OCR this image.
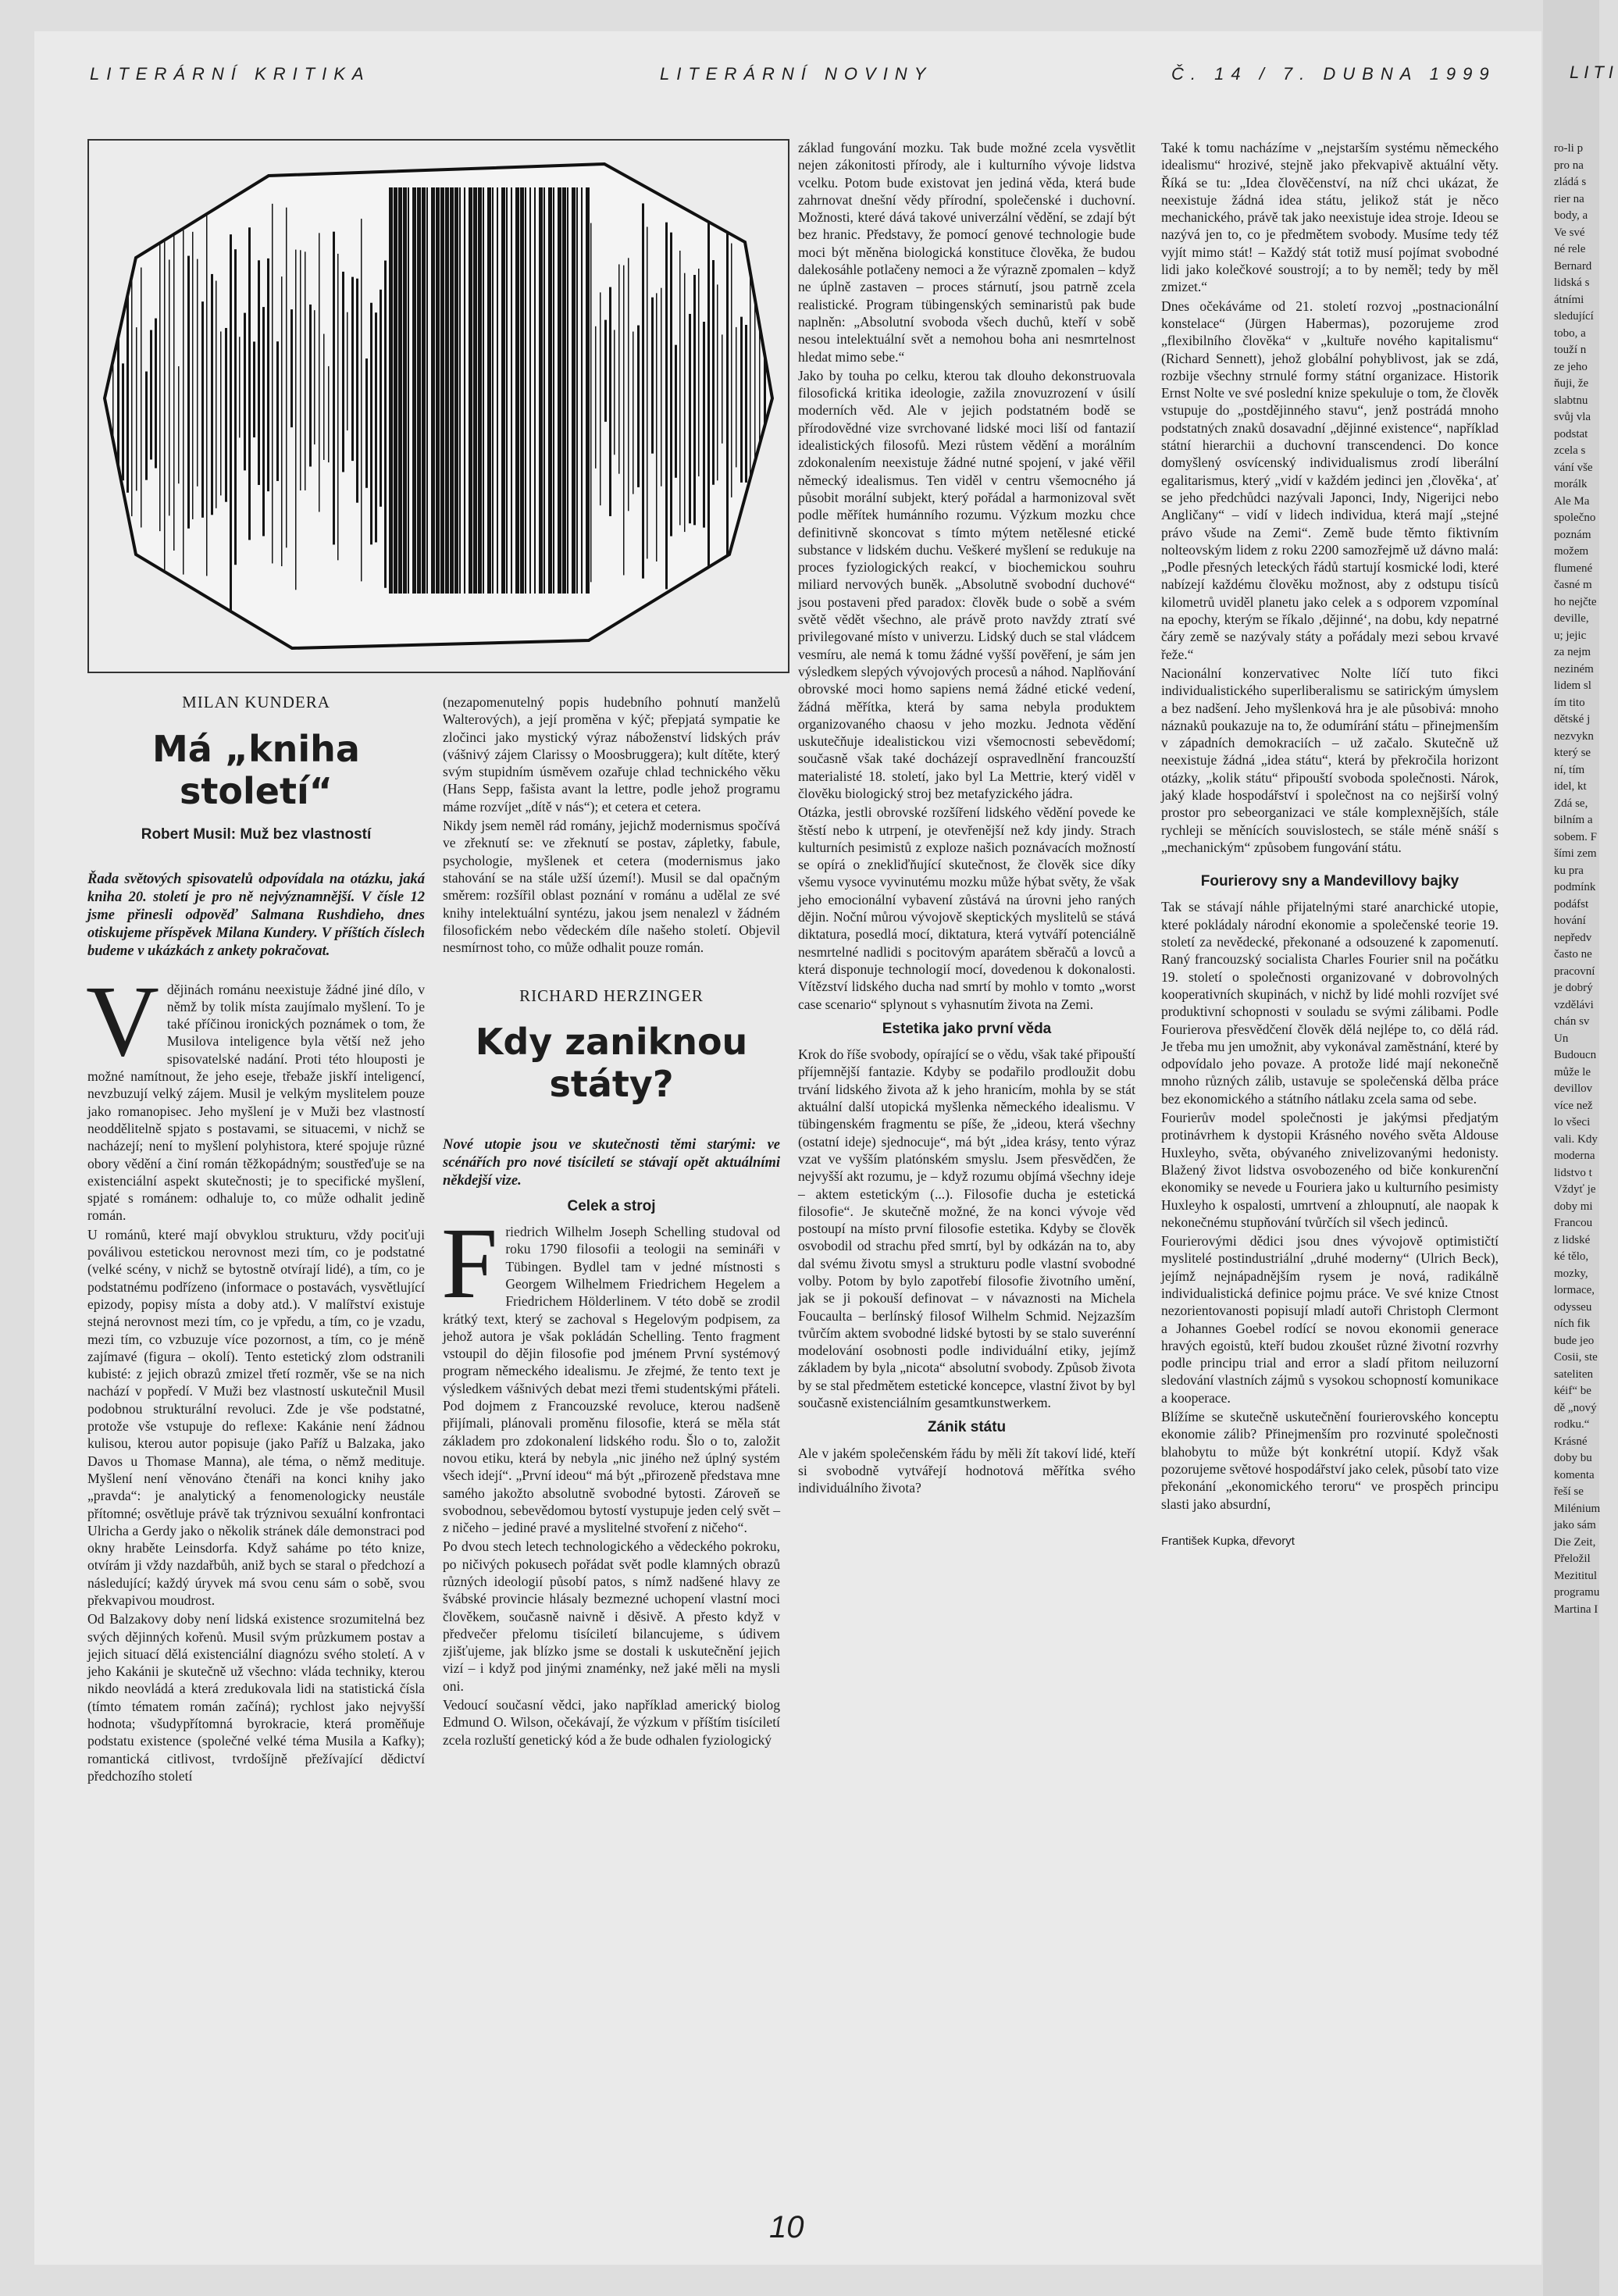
LITERÁRNÍ KRITIKA	LITERÁRNÍ NOVINY	Č. 14 / 7. DUBNA 1999	LITI
MILAN KUNDERA
Má „kniha
století“
Robert Musil: Muž bez vlastností
Řada světových spisovatelů odpovídala na otázku, jaká kniha 20. století je pro ně nejvýznamnější. V čísle 12 jsme přinesli odpověď Salmana Rushdieho, dnes otiskujeme příspěvek Milana Kundery. V příštích číslech budeme v ukázkách z ankety pokračovat.

Vdějinách románu neexistuje žádné jiné dílo, v němž by tolik místa zaujímalo myšlení. To je také příčinou ironických poznámek o tom, že Musilova inteligence byla větší než jeho spisovatelské nadání. Proti této hlouposti je možné namítnout, že jeho eseje, třebaže jiskří inteligencí, nevzbuzují velký zájem. Musil je velkým myslitelem pouze jako romanopisec. Jeho myšlení je v Muži bez vlastností neoddělitelně spjato s postavami, se situacemi, v nichž se nacházejí; není to myšlení polyhistora, které spojuje různé obory vědění a činí román těžkopádným; soustřeďuje se na existenciální aspekt skutečnosti; je to specifické myšlení, spjaté s románem: odhaluje to, co může odhalit jedině román.

U románů, které mají obvyklou strukturu, vždy pociťuji poválivou estetickou nerovnost mezi tím, co je podstatné (velké scény, v nichž se bytostně otvírají lidé), a tím, co je podstatnému podřízeno (informace o postavách, vysvětlující epizody, popisy místa a doby atd.). V malířství existuje stejná nerovnost mezi tím, co je vpředu, a tím, co je vzadu, mezi tím, co vzbuzuje více pozornost, a tím, co je méně zajímavé (figura – okolí). Tento estetický zlom odstranili kubisté: z jejich obrazů zmizel třetí rozměr, vše se na nich nachází v popředí. V Muži bez vlastností uskutečnil Musil podobnou strukturální revoluci. Zde je vše podstatné, protože vše vstupuje do reflexe: Kakánie není žádnou kulisou, kterou autor popisuje (jako Paříž u Balzaka, jako Davos u Thomase Manna), ale téma, o němž medituje. Myšlení není věnováno čtenáři na konci knihy jako „pravda“: je analytický a fenomenologicky neustále přítomné; osvětluje právě tak trýznivou sexuální konfrontaci Ulricha a Gerdy jako o několik stránek dále demonstraci pod okny hraběte Leinsdorfa. Když saháme po této knize, otvírám ji vždy nazdařbůh, aniž bych se staral o předchozí a následující; každý úryvek má svou cenu sám o sobě, svou překvapivou moudrost.

Od Balzakovy doby není lidská existence srozumitelná bez svých dějinných kořenů. Musil svým průzkumem postav a jejich situací dělá existenciální diagnózu svého století. A v jeho Kakánii je skutečně už všechno: vláda techniky, kterou nikdo neovládá a která zredukovala lidi na statistická čísla (tímto tématem román začíná); rychlost jako nejvyšší hodnota; všudypřítomná byrokracie, která proměňuje podstatu existence (společné velké téma Musila a Kafky); romantická citlivost, tvrdošíjně přežívající dědictví předchozího století

(nezapomenutelný popis hudebního pohnutí manželů Walterových), a její proměna v kýč; přepjatá sympatie ke zločinci jako mystický výraz náboženství lidských práv (vášnivý zájem Clarissy o Moosbruggera); kult dítěte, který svým stupidním úsměvem ozařuje chlad technického věku (Hans Sepp, fašista avant la lettre, podle jehož programu máme rozvíjet „dítě v nás“); et cetera et cetera.

Nikdy jsem neměl rád romány, jejichž modernismus spočívá ve zřeknutí se: ve zřeknutí se postav, zápletky, fabule, psychologie, myšlenek et cetera (modernismus jako stahování se na stále užší území!). Musil se dal opačným směrem: rozšířil oblast poznání v románu a udělal ze své knihy intelektuální syntézu, jakou jsem nenalezl v žádném filosofickém nebo vědeckém díle našeho století. Objevil nesmírnost toho, co může odhalit pouze román.

RICHARD HERZINGER
Kdy zaniknou
státy?
Nové utopie jsou ve skutečnosti těmi starými: ve scénářích pro nové tisíciletí se stávají opět aktuálními někdejší vize.
Celek a stroj

Friedrich Wilhelm Joseph Schelling studoval od roku 1790 filosofii a teologii na semináři v Tübingen. Bydlel tam v jedné místnosti s Georgem Wilhelmem Friedrichem Hegelem a Friedrichem Hölderlinem. V této době se zrodil krátký text, který se zachoval s Hegelovým podpisem, za jehož autora je však pokládán Schelling. Tento fragment vstoupil do dějin filosofie pod jménem První systémový program německého idealismu. Je zřejmé, že tento text je výsledkem vášnivých debat mezi třemi studentskými přáteli. Pod dojmem z Francouzské revoluce, kterou nadšeně přijímali, plánovali proměnu filosofie, která se měla stát základem pro zdokonalení lidského rodu. Šlo o to, založit novou etiku, která by nebyla „nic jiného než úplný systém všech idejí“. „První ideou“ má být „přirozeně představa mne samého jakožto absolutně svobodné bytosti. Zároveň se svobodnou, sebevědomou bytostí vystupuje jeden celý svět – z ničeho – jediné pravé a myslitelné stvoření z ničeho“.

Po dvou stech letech technologického a vědeckého pokroku, po ničivých pokusech pořádat svět podle klamných obrazů různých ideologií působí patos, s nímž nadšené hlavy ze švábské provincie hlásaly bezmezné uchopení vlastní moci člověkem, současně naivně i děsivě. A přesto když v předvečer přelomu tisíciletí bilancujeme, s údivem zjišťujeme, jak blízko jsme se dostali k uskutečnění jejich vizí – i když pod jinými znaménky, než jaké měli na mysli oni.

Vedoucí současní vědci, jako například americký biolog Edmund O. Wilson, očekávají, že výzkum v příštím tisíciletí zcela rozluští genetický kód a že bude odhalen fyziologický

základ fungování mozku. Tak bude možné zcela vysvětlit nejen zákonitosti přírody, ale i kulturního vývoje lidstva vcelku. Potom bude existovat jen jediná věda, která bude zahrnovat dnešní vědy přírodní, společenské i duchovní. Možnosti, které dává takové univerzální vědění, se zdají být bez hranic. Představy, že pomocí genové technologie bude moci být měněna biologická konstituce člověka, že budou dalekosáhle potlačeny nemoci a že výrazně zpomalen – když ne úplně zastaven – proces stárnutí, jsou patrně zcela realistické. Program tübingenských seminaristů pak bude naplněn: „Absolutní svoboda všech duchů, kteří v sobě nesou intelektuální svět a nemohou boha ani nesmrtelnost hledat mimo sebe.“

Jako by touha po celku, kterou tak dlouho dekonstruovala filosofická kritika ideologie, zažila znovuzrození v úsilí moderních věd. Ale v jejich podstatném bodě se přírodovědné vize svrchované lidské moci liší od fantazií idealistických filosofů. Mezi růstem vědění a morálním zdokonalením neexistuje žádné nutné spojení, v jaké věřil německý idealismus. Ten viděl v centru všemocného já působit morální subjekt, který pořádal a harmonizoval svět podle měřítek humánního rozumu. Výzkum mozku chce definitivně skoncovat s tímto mýtem netělesné etické substance v lidském duchu. Veškeré myšlení se redukuje na proces fyziologických reakcí, v biochemickou souhru miliard nervových buněk. „Absolutně svobodní duchové“ jsou postaveni před paradox: člověk bude o sobě a svém světě vědět všechno, ale právě proto navždy ztratí své privilegované místo v univerzu. Lidský duch se stal vládcem vesmíru, ale nemá k tomu žádné vyšší pověření, je sám jen výsledkem slepých vývojových procesů a náhod. Naplňování obrovské moci homo sapiens nemá žádné etické vedení, žádná měřítka, která by sama nebyla produktem organizovaného chaosu v jeho mozku. Jednota vědění uskutečňuje idealistickou vizi všemocnosti sebevědomí; současně však také docházejí ospravedlnění francouzští materialisté 18. století, jako byl La Mettrie, který viděl v člověku biologický stroj bez metafyzického jádra.

Otázka, jestli obrovské rozšíření lidského vědění povede ke štěstí nebo k utrpení, je otevřenější než kdy jindy. Strach kulturních pesimistů z exploze našich poznávacích možností se opírá o znekliďňující skutečnost, že člověk sice díky všemu vysoce vyvinutému mozku může hýbat světy, že však jeho emocionální vybavení zůstává na úrovni jeho raných dějin. Noční můrou vývojově skeptických myslitelů se stává diktatura, posedlá mocí, diktatura, která vytváří potenciálně nesmrtelné nadlidi s pocitovým aparátem sběračů a lovců a která disponuje technologií mocí, dovedenou k dokonalosti. Vítězství lidského ducha nad smrtí by mohlo v tomto „worst case scenario“ splynout s vyhasnutím života na Zemi.

Estetika jako první věda

Krok do říše svobody, opírající se o vědu, však také připouští příjemnější fantazie. Kdyby se podařilo prodloužit dobu trvání lidského života až k jeho hranicím, mohla by se stát aktuální další utopická myšlenka německého idealismu. V tübingenském fragmentu se píše, že „ideou, která všechny (ostatní ideje) sjednocuje“, má být „idea krásy, tento výraz vzat ve vyšším platónském smyslu. Jsem přesvědčen, že nejvyšší akt rozumu, je – když rozumu objímá všechny ideje – aktem estetickým (...). Filosofie ducha je estetická filosofie“. Je skutečně možné, že na konci vývoje věd postoupí na místo první filosofie estetika. Kdyby se člověk osvobodil od strachu před smrtí, byl by odkázán na to, aby dal svému životu smysl a strukturu podle vlastní svobodné volby. Potom by bylo zapotřebí filosofie životního umění, jak se ji pokouší definovat – v návaznosti na Michela Foucaulta – berlínský filosof Wilhelm Schmid. Nejzazším tvůrčím aktem svobodné lidské bytosti by se stalo suverénní modelování osobnosti podle individuální etiky, jejímž základem by byla „nicota“ absolutní svobody. Způsob života by se stal předmětem estetické koncepce, vlastní život by byl současně existenciálním gesamtkunstwerkem.

Zánik státu

Ale v jakém společenském řádu by měli žít takoví lidé, kteří si svobodně vytvářejí hodnotová měřítka svého individuálního života?

Také k tomu nacházíme v „nejstarším systému německého idealismu“ hrozivé, stejně jako překvapivě aktuální věty. Říká se tu: „Idea člověčenství, na níž chci ukázat, že neexistuje žádná idea státu, jelikož stát je něco mechanického, právě tak jako neexistuje idea stroje. Ideou se nazývá jen to, co je předmětem svobody. Musíme tedy též vyjít mimo stát! – Každý stát totiž musí pojímat svobodné lidi jako kolečkové soustrojí; a to by neměl; tedy by měl zmizet.“

Dnes očekáváme od 21. století rozvoj „postnacionální konstelace“ (Jürgen Habermas), pozorujeme zrod „flexibilního člověka“ v „kultuře nového kapitalismu“ (Richard Sennett), jehož globální pohyblivost, jak se zdá, rozbije všechny strnulé formy státní organizace. Historik Ernst Nolte ve své poslední knize spekuluje o tom, že člověk vstupuje do „postdějinného stavu“, jenž postrádá mnoho podstatných znaků dosavadní „dějinné existence“, například státní hierarchii a duchovní transcendenci. Do konce domyšlený osvícenský individualismus zrodí liberální egalitarismus, který „vidí v každém jedinci jen ‚člověka‘, ať se jeho předchůdci nazývali Japonci, Indy, Nigerijci nebo Angličany“ – vidí v lidech individua, která mají „stejné právo všude na Zemi“. Země bude těmto fiktivním nolteovským lidem z roku 2200 samozřejmě už dávno malá: „Podle přesných leteckých řádů startují kosmické lodi, které nabízejí každému člověku možnost, aby z odstupu tisíců kilometrů uviděl planetu jako celek a s odporem vzpomínal na epochy, kterým se říkalo ‚dějinné‘, na dobu, kdy nepatrné čáry země se nazývaly státy a pořádaly mezi sebou krvavé řeže.“

Nacionální konzervativec Nolte líčí tuto fikci individualistického superliberalismu se satirickým úmyslem a bez nadšení. Jeho myšlenková hra je ale působivá: mnoho náznaků poukazuje na to, že odumírání státu – přinejmenším v západních demokraciích – už začalo. Skutečně už neexistuje žádná „idea státu“, která by překročila horizont otázky, „kolik státu“ připouští svoboda společnosti. Nárok, jaký klade hospodářství i společnost na co nejširší volný prostor pro sebeorganizaci ve stále komplexnějších, stále rychleji se měnících souvislostech, se stále méně snáší s „mechanickým“ způsobem fungování státu.

Fourierovy sny a Mandevillovy bajky

Tak se stávají náhle přijatelnými staré anarchické utopie, které pokládaly národní ekonomie a společenské teorie 19. století za nevědecké, překonané a odsouzené k zapomenutí. Raný francouzský socialista Charles Fourier snil na počátku 19. století o společnosti organizované v dobrovolných kooperativních skupinách, v nichž by lidé mohli rozvíjet své produktivní schopnosti v souladu se svými zálibami. Podle Fourierova přesvědčení člověk dělá nejlépe to, co dělá rád. Je třeba mu jen umožnit, aby vykonával zaměstnání, které by odpovídalo jeho povaze. A protože lidé mají nekonečně mnoho různých zálib, ustavuje se společenská dělba práce bez ekonomického a státního nátlaku zcela sama od sebe.

Fourierův model společnosti je jakýmsi předjatým protinávrhem k dystopii Krásného nového světa Aldouse Huxleyho, světa, obývaného znivelizovanými hedonisty. Blažený život lidstva osvobozeného od biče konkurenční ekonomiky se nevede u Fouriera jako u kulturního pesimisty Huxleyho k ospalosti, umrtvení a zhloupnutí, ale naopak k nekonečnému stupňování tvůrčích sil všech jedinců.

Fourierovými dědici jsou dnes vývojově optimističtí myslitelé postindustriální „druhé moderny“ (Ulrich Beck), jejímž nejnápadnějším rysem je nová, radikálně individualistická definice pojmu práce. Ve své knize Ctnost nezorientovanosti popisují mladí autoři Christoph Clermont a Johannes Goebel rodící se novou ekonomii generace hravých egoistů, kteří budou zkoušet různé životní rozvrhy podle principu trial and error a sladí přitom neiluzorní sledování vlastních zájmů s vysokou schopností komunikace a kooperace.

Blížíme se skutečně uskutečnění fourierovského konceptu ekonomie zálib? Přinejmenším pro rozvinuté společnosti blahobytu to může být konkrétní utopií. Když však pozorujeme světové hospodářství jako celek, působí tato vize překonání „ekonomického teroru“ ve prospěch principu slasti jako absurdní,

František Kupka, dřevoryt
ro-li p
pro na
zládá s
rier na
body, a
Ve své
né rele
Bernard
lidská s
átními
sledující
tobo, a
touží n
ze jeho
ňuji, že
slabtnu
svůj vla
podstat
zcela s
vání vše
morálk
Ale Ma
společno
poznám
možem
flumené
časné m
ho nejčte
deville,
u; jejic
za nejm
neziném
lidem sl
ím tito
dětské j
nezvykn
který se
ní, tím
idel, kt
Zdá se,
bilním a
sobem. F
šími zem
ku pra
podmínk
podáfst
hování
nepředv
často ne
pracovní
je dobrý
vzdělávi
chán sv
Un
Budoucn
může le
devillov
více než
lo všeci
vali. Kdy
moderna
lidstvo t
Vždyť je
doby mi
Francou
z lidské
ké tělo,
mozky,
lormace,
odysseu
ních fik
bude jeo
Cosii, ste
sateliten
kéif“ be
dě „nový
rodku.“
Krásné
doby bu
komenta
řeší se
Milénium
jako sám
Die Zeit,
Přeložil
Mezititul
programu
Martina I
10
